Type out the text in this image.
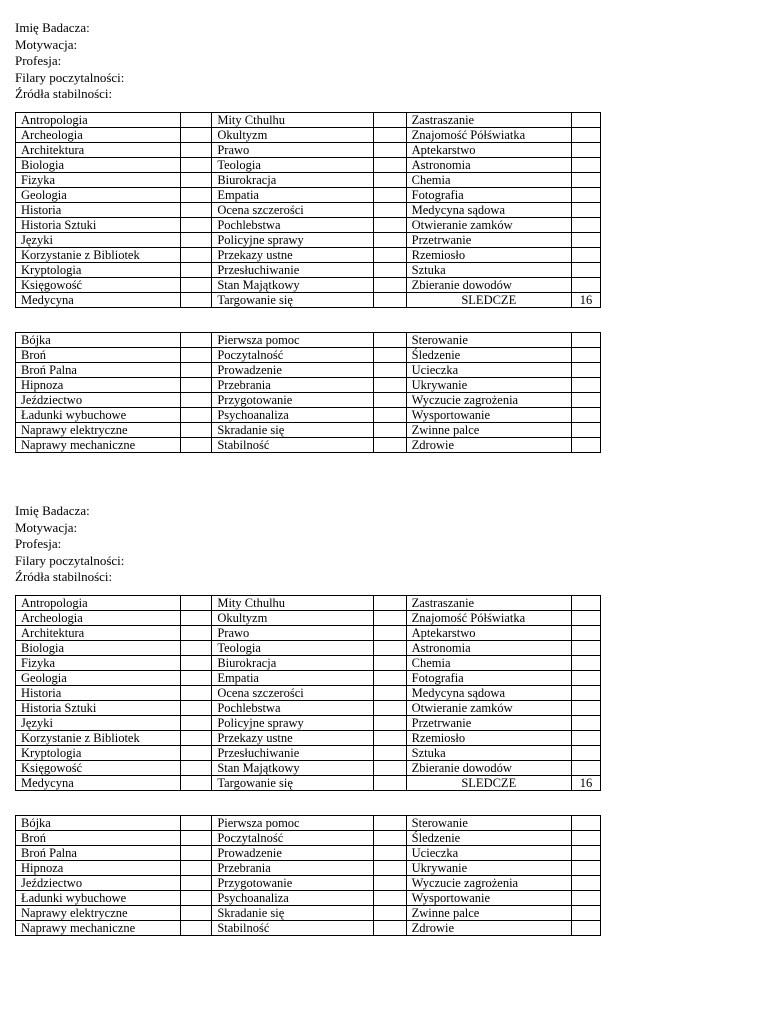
Imię Badacza:
Motywacja:
Profesja:
Filary poczytalności:
Źródła stabilności:
Antropologia		Mity Cthulhu		Zastraszanie	
Archeologia		Okultyzm		Znajomość Półświatka	
Architektura		Prawo		Aptekarstwo	
Biologia		Teologia		Astronomia	
Fizyka		Biurokracja		Chemia	
Geologia		Empatia		Fotografia	
Historia		Ocena szczerości		Medycyna sądowa	
Historia Sztuki		Pochlebstwa		Otwieranie zamków	
Języki		Policyjne sprawy		Przetrwanie	
Korzystanie z Bibliotek		Przekazy ustne		Rzemiosło	
Kryptologia		Przesłuchiwanie		Sztuka	
Księgowość		Stan Majątkowy		Zbieranie dowodów	
Medycyna		Targowanie się		SLEDCZE	16
Bójka		Pierwsza pomoc		Sterowanie	
Broń		Poczytalność		Śledzenie	
Broń Palna		Prowadzenie		Ucieczka	
Hipnoza		Przebrania		Ukrywanie	
Jeździectwo		Przygotowanie		Wyczucie zagrożenia	
Ładunki wybuchowe		Psychoanaliza		Wysportowanie	
Naprawy elektryczne		Skradanie się		Zwinne palce	
Naprawy mechaniczne		Stabilność		Zdrowie	
Imię Badacza:
Motywacja:
Profesja:
Filary poczytalności:
Źródła stabilności:
Antropologia		Mity Cthulhu		Zastraszanie	
Archeologia		Okultyzm		Znajomość Półświatka	
Architektura		Prawo		Aptekarstwo	
Biologia		Teologia		Astronomia	
Fizyka		Biurokracja		Chemia	
Geologia		Empatia		Fotografia	
Historia		Ocena szczerości		Medycyna sądowa	
Historia Sztuki		Pochlebstwa		Otwieranie zamków	
Języki		Policyjne sprawy		Przetrwanie	
Korzystanie z Bibliotek		Przekazy ustne		Rzemiosło	
Kryptologia		Przesłuchiwanie		Sztuka	
Księgowość		Stan Majątkowy		Zbieranie dowodów	
Medycyna		Targowanie się		SLEDCZE	16
Bójka		Pierwsza pomoc		Sterowanie	
Broń		Poczytalność		Śledzenie	
Broń Palna		Prowadzenie		Ucieczka	
Hipnoza		Przebrania		Ukrywanie	
Jeździectwo		Przygotowanie		Wyczucie zagrożenia	
Ładunki wybuchowe		Psychoanaliza		Wysportowanie	
Naprawy elektryczne		Skradanie się		Zwinne palce	
Naprawy mechaniczne		Stabilność		Zdrowie	
